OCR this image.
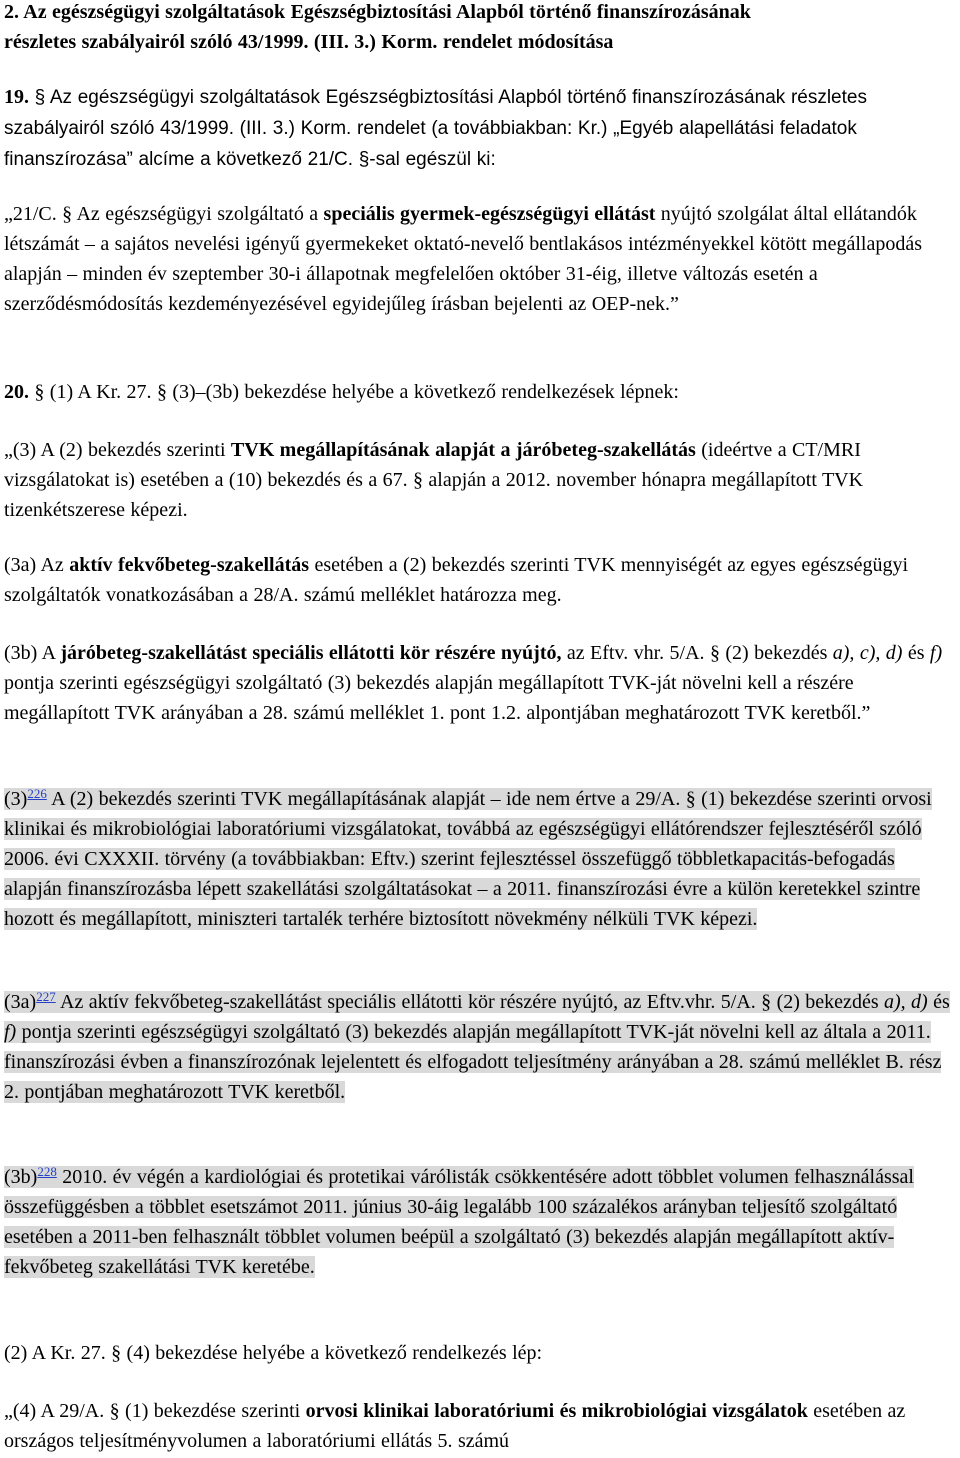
2. Az egészségügyi szolgáltatások Egészségbiztosítási Alapból történő finanszírozásának
részletes szabályairól szóló 43/1999. (III. 3.) Korm. rendelet módosítása

19. § Az egészségügyi szolgáltatások Egészségbiztosítási Alapból történő finanszírozásának részletes szabályairól szóló 43/1999. (III. 3.) Korm. rendelet (a továbbiakban: Kr.) „Egyéb alapellátási feladatok finanszírozása” alcíme a következő 21/C. §-sal egészül ki:

„21/C. § Az egészségügyi szolgáltató a speciális gyermek-egészségügyi ellátást nyújtó szolgálat által ellátandók létszámát – a sajátos nevelési igényű gyermekeket oktató-nevelő bentlakásos intézményekkel kötött megállapodás alapján – minden év szeptember 30-i állapotnak megfelelően október 31-éig, illetve változás esetén a szerződésmódosítás kezdeményezésével egyidejűleg írásban bejelenti az OEP-nek.”

20. § (1) A Kr. 27. § (3)–(3b) bekezdése helyébe a következő rendelkezések lépnek:

„(3) A (2) bekezdés szerinti TVK megállapításának alapját a járóbeteg-szakellátás (ideértve a CT/MRI vizsgálatokat is) esetében a (10) bekezdés és a 67. § alapján a 2012. november hónapra megállapított TVK tizenkétszerese képezi.

(3a) Az aktív fekvőbeteg-szakellátás esetében a (2) bekezdés szerinti TVK mennyiségét az egyes egészségügyi szolgáltatók vonatkozásában a 28/A. számú melléklet határozza meg.

(3b) A járóbeteg-szakellátást speciális ellátotti kör részére nyújtó, az Eftv. vhr. 5/A. § (2) bekezdés a), c), d) és f) pontja szerinti egészségügyi szolgáltató (3) bekezdés alapján megállapított TVK-ját növelni kell a részére megállapított TVK arányában a 28. számú melléklet 1. pont 1.2. alpontjában meghatározott TVK keretből.”

(3)$^{226}$ A (2) bekezdés szerinti TVK megállapításának alapját – ide nem értve a 29/A. § (1) bekezdése szerinti orvosi klinikai és mikrobiológiai laboratóriumi vizsgálatokat, továbbá az egészségügyi ellátórendszer fejlesztéséről szóló 2006. évi CXXXII. törvény (a továbbiakban: Eftv.) szerint fejlesztéssel összefüggő többletkapacitás-befogadás alapján finanszírozásba lépett szakellátási szolgáltatásokat – a 2011. finanszírozási évre a külön keretekkel szintre hozott és megállapított, miniszteri tartalék terhére biztosított növekmény nélküli TVK képezi.

(3a)$^{227}$ Az aktív fekvőbeteg-szakellátást speciális ellátotti kör részére nyújtó, az Eftv.vhr. 5/A. § (2) bekezdés a), d) és f) pontja szerinti egészségügyi szolgáltató (3) bekezdés alapján megállapított TVK-ját növelni kell az általa a 2011. finanszírozási évben a finanszírozónak lejelentett és elfogadott teljesítmény arányában a 28. számú melléklet B. rész 2. pontjában meghatározott TVK keretből.

(3b)$^{228}$ 2010. év végén a kardiológiai és protetikai várólisták csökkentésére adott többlet volumen felhasználással összefüggésben a többlet esetszámot 2011. június 30-áig legalább 100 százalékos arányban teljesítő szolgáltató esetében a 2011-ben felhasznált többlet volumen beépül a szolgáltató (3) bekezdés alapján megállapított aktív-fekvőbeteg szakellátási TVK keretébe.

(2) A Kr. 27. § (4) bekezdése helyébe a következő rendelkezés lép:

„(4) A 29/A. § (1) bekezdése szerinti orvosi klinikai laboratóriumi és mikrobiológiai vizsgálatok esetében az országos teljesítményvolumen a laboratóriumi ellátás 5. számú
